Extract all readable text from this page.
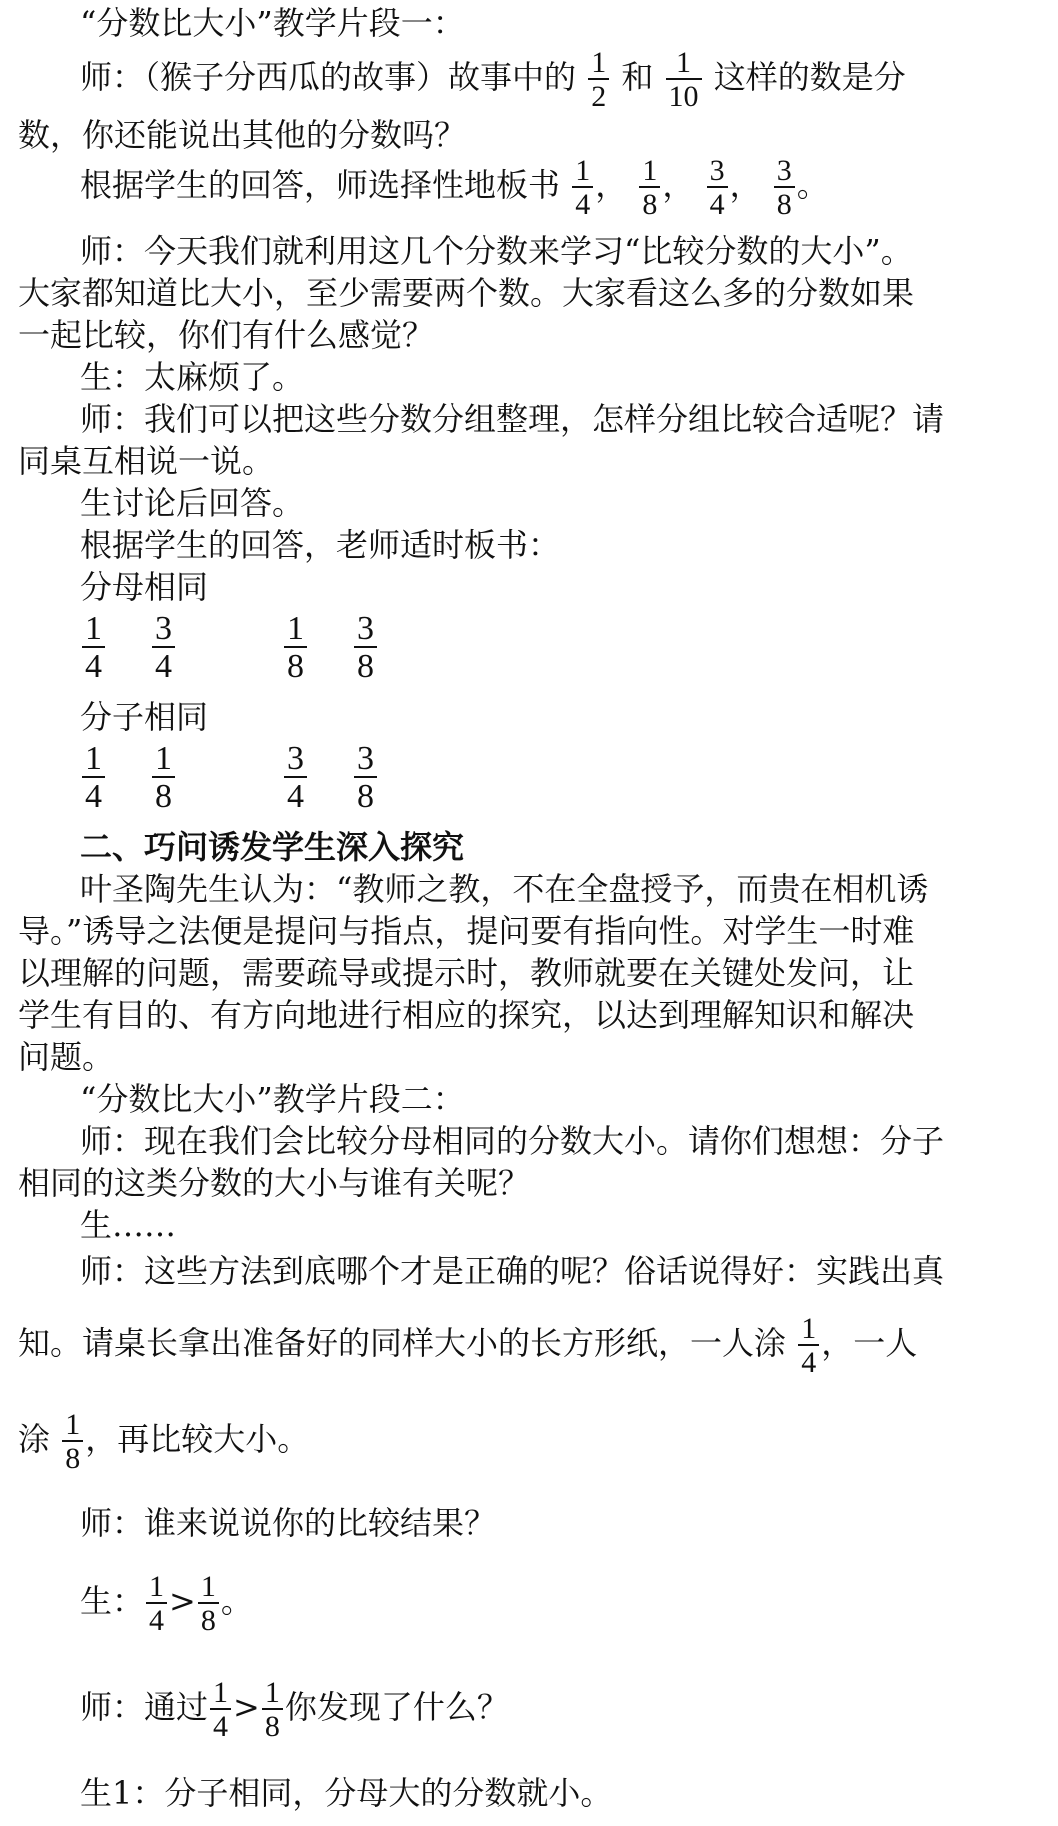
“分数比大小”教学片段一：
师：（猴子分西瓜的故事）故事中的 $\frac{1}{2}$ 和 $\frac{1}{10}$ 这样的数是分
数，你还能说出其他的分数吗？
根据学生的回答，师选择性地板书 $\frac{1}{4}$ ， $\frac{1}{8}$ ， $\frac{3}{4}$ ， $\frac{3}{8}$ 。
师：今天我们就利用这几个分数来学习“比较分数的大小”。
大家都知道比大小，至少需要两个数。大家看这么多的分数如果
一起比较，你们有什么感觉？
生：太麻烦了。
师：我们可以把这些分数分组整理，怎样分组比较合适呢？请
同桌互相说一说。
生讨论后回答。
根据学生的回答，老师适时板书：
分母相同
$\frac{1}{4} \frac{3}{4}$	$\frac{1}{8} \frac{3}{8}$
分子相同
$\frac{1}{4} \frac{1}{8}$	$\frac{3}{4} \frac{3}{8}$
二、巧问诱发学生深入探究
叶圣陶先生认为：“教师之教，不在全盘授予，而贵在相机诱
导。”诱导之法便是提问与指点，提问要有指向性。对学生一时难
以理解的问题，需要疏导或提示时，教师就要在关键处发问，让
学生有目的、有方向地进行相应的探究，以达到理解知识和解决
问题。
“分数比大小”教学片段二：
师：现在我们会比较分母相同的分数大小。请你们想想：分子
相同的这类分数的大小与谁有关呢？
生……
师：这些方法到底哪个才是正确的呢？俗话说得好：实践出真
知。请桌长拿出准备好的同样大小的长方形纸，一人涂 $\frac{1}{4}$ ，一人
涂 $\frac{1}{8}$ ，再比较大小。
师：谁来说说你的比较结果？
生： $\frac{1}{4} > \frac{1}{8}$ 。
师：通过 $\frac{1}{4} > \frac{1}{8}$ 你发现了什么？
生1：分子相同，分母大的分数就小。
